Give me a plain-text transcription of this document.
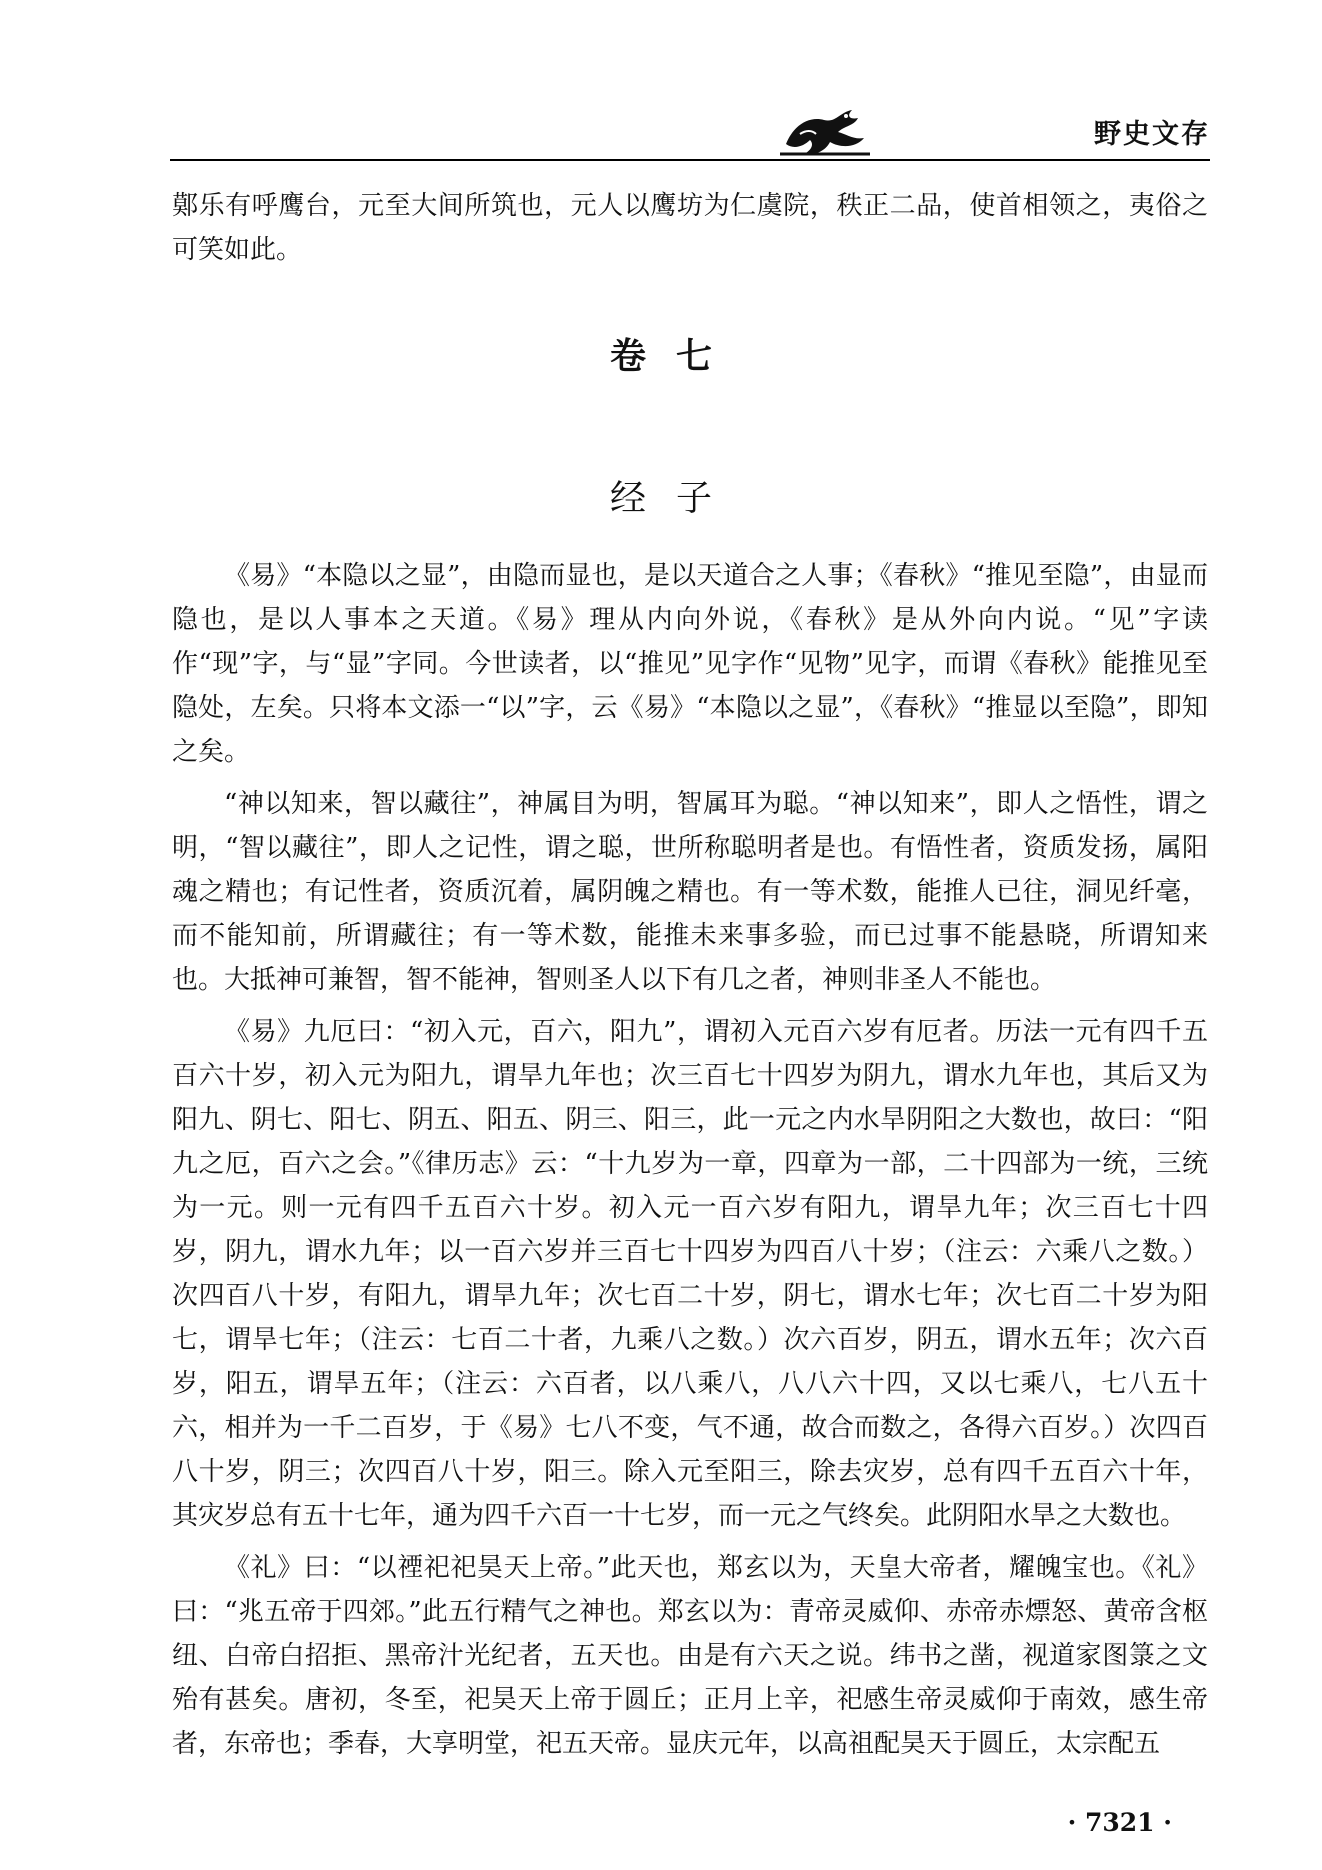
野史文存

鄚乐有呼鹰台，元至大间所筑也，元人以鹰坊为仁虞院，秩正二品，使首相领之，夷俗之可笑如此。

卷七
经子

《易》“本隐以之显”，由隐而显也，是以天道合之人事；《春秋》“推见至隐”，由显而隐也，是以人事本之天道。《易》理从内向外说，《春秋》是从外向内说。“见”字读作“现”字，与“显”字同。今世读者，以“推见”见字作“见物”见字，而谓《春秋》能推见至隐处，左矣。只将本文添一“以”字，云《易》“本隐以之显”，《春秋》“推显以至隐”，即知之矣。

“神以知来，智以藏往”，神属目为明，智属耳为聪。“神以知来”，即人之悟性，谓之明，“智以藏往”，即人之记性，谓之聪，世所称聪明者是也。有悟性者，资质发扬，属阳魂之精也；有记性者，资质沉着，属阴魄之精也。有一等术数，能推人已往，洞见纤毫，而不能知前，所谓藏往；有一等术数，能推未来事多验，而已过事不能悬晓，所谓知来也。大抵神可兼智，智不能神，智则圣人以下有几之者，神则非圣人不能也。

《易》九厄曰：“初入元，百六，阳九”，谓初入元百六岁有厄者。历法一元有四千五百六十岁，初入元为阳九，谓旱九年也；次三百七十四岁为阴九，谓水九年也，其后又为阳九、阴七、阳七、阴五、阳五、阴三、阳三，此一元之内水旱阴阳之大数也，故曰：“阳九之厄，百六之会。”《律历志》云：“十九岁为一章，四章为一部，二十四部为一统，三统为一元。则一元有四千五百六十岁。初入元一百六岁有阳九，谓旱九年；次三百七十四岁，阴九，谓水九年；以一百六岁并三百七十四岁为四百八十岁；（注云：六乘八之数。）次四百八十岁，有阳九，谓旱九年；次七百二十岁，阴七，谓水七年；次七百二十岁为阳七，谓旱七年；（注云：七百二十者，九乘八之数。）次六百岁，阴五，谓水五年；次六百岁，阳五，谓旱五年；（注云：六百者，以八乘八，八八六十四，又以七乘八，七八五十六，相并为一千二百岁，于《易》七八不变，气不通，故合而数之，各得六百岁。）次四百八十岁，阴三；次四百八十岁，阳三。除入元至阳三，除去灾岁，总有四千五百六十年，其灾岁总有五十七年，通为四千六百一十七岁，而一元之气终矣。此阴阳水旱之大数也。

《礼》曰：“以禋祀祀昊天上帝。”此天也，郑玄以为，天皇大帝者，耀魄宝也。《礼》曰：“兆五帝于四郊。”此五行精气之神也。郑玄以为：青帝灵威仰、赤帝赤熛怒、黄帝含枢纽、白帝白招拒、黑帝汁光纪者，五天也。由是有六天之说。纬书之凿，视道家图箓之文殆有甚矣。唐初，冬至，祀昊天上帝于圆丘；正月上辛，祀感生帝灵威仰于南效，感生帝者，东帝也；季春，大享明堂，祀五天帝。显庆元年，以高祖配昊天于圆丘，太宗配五

· 7321 ·
